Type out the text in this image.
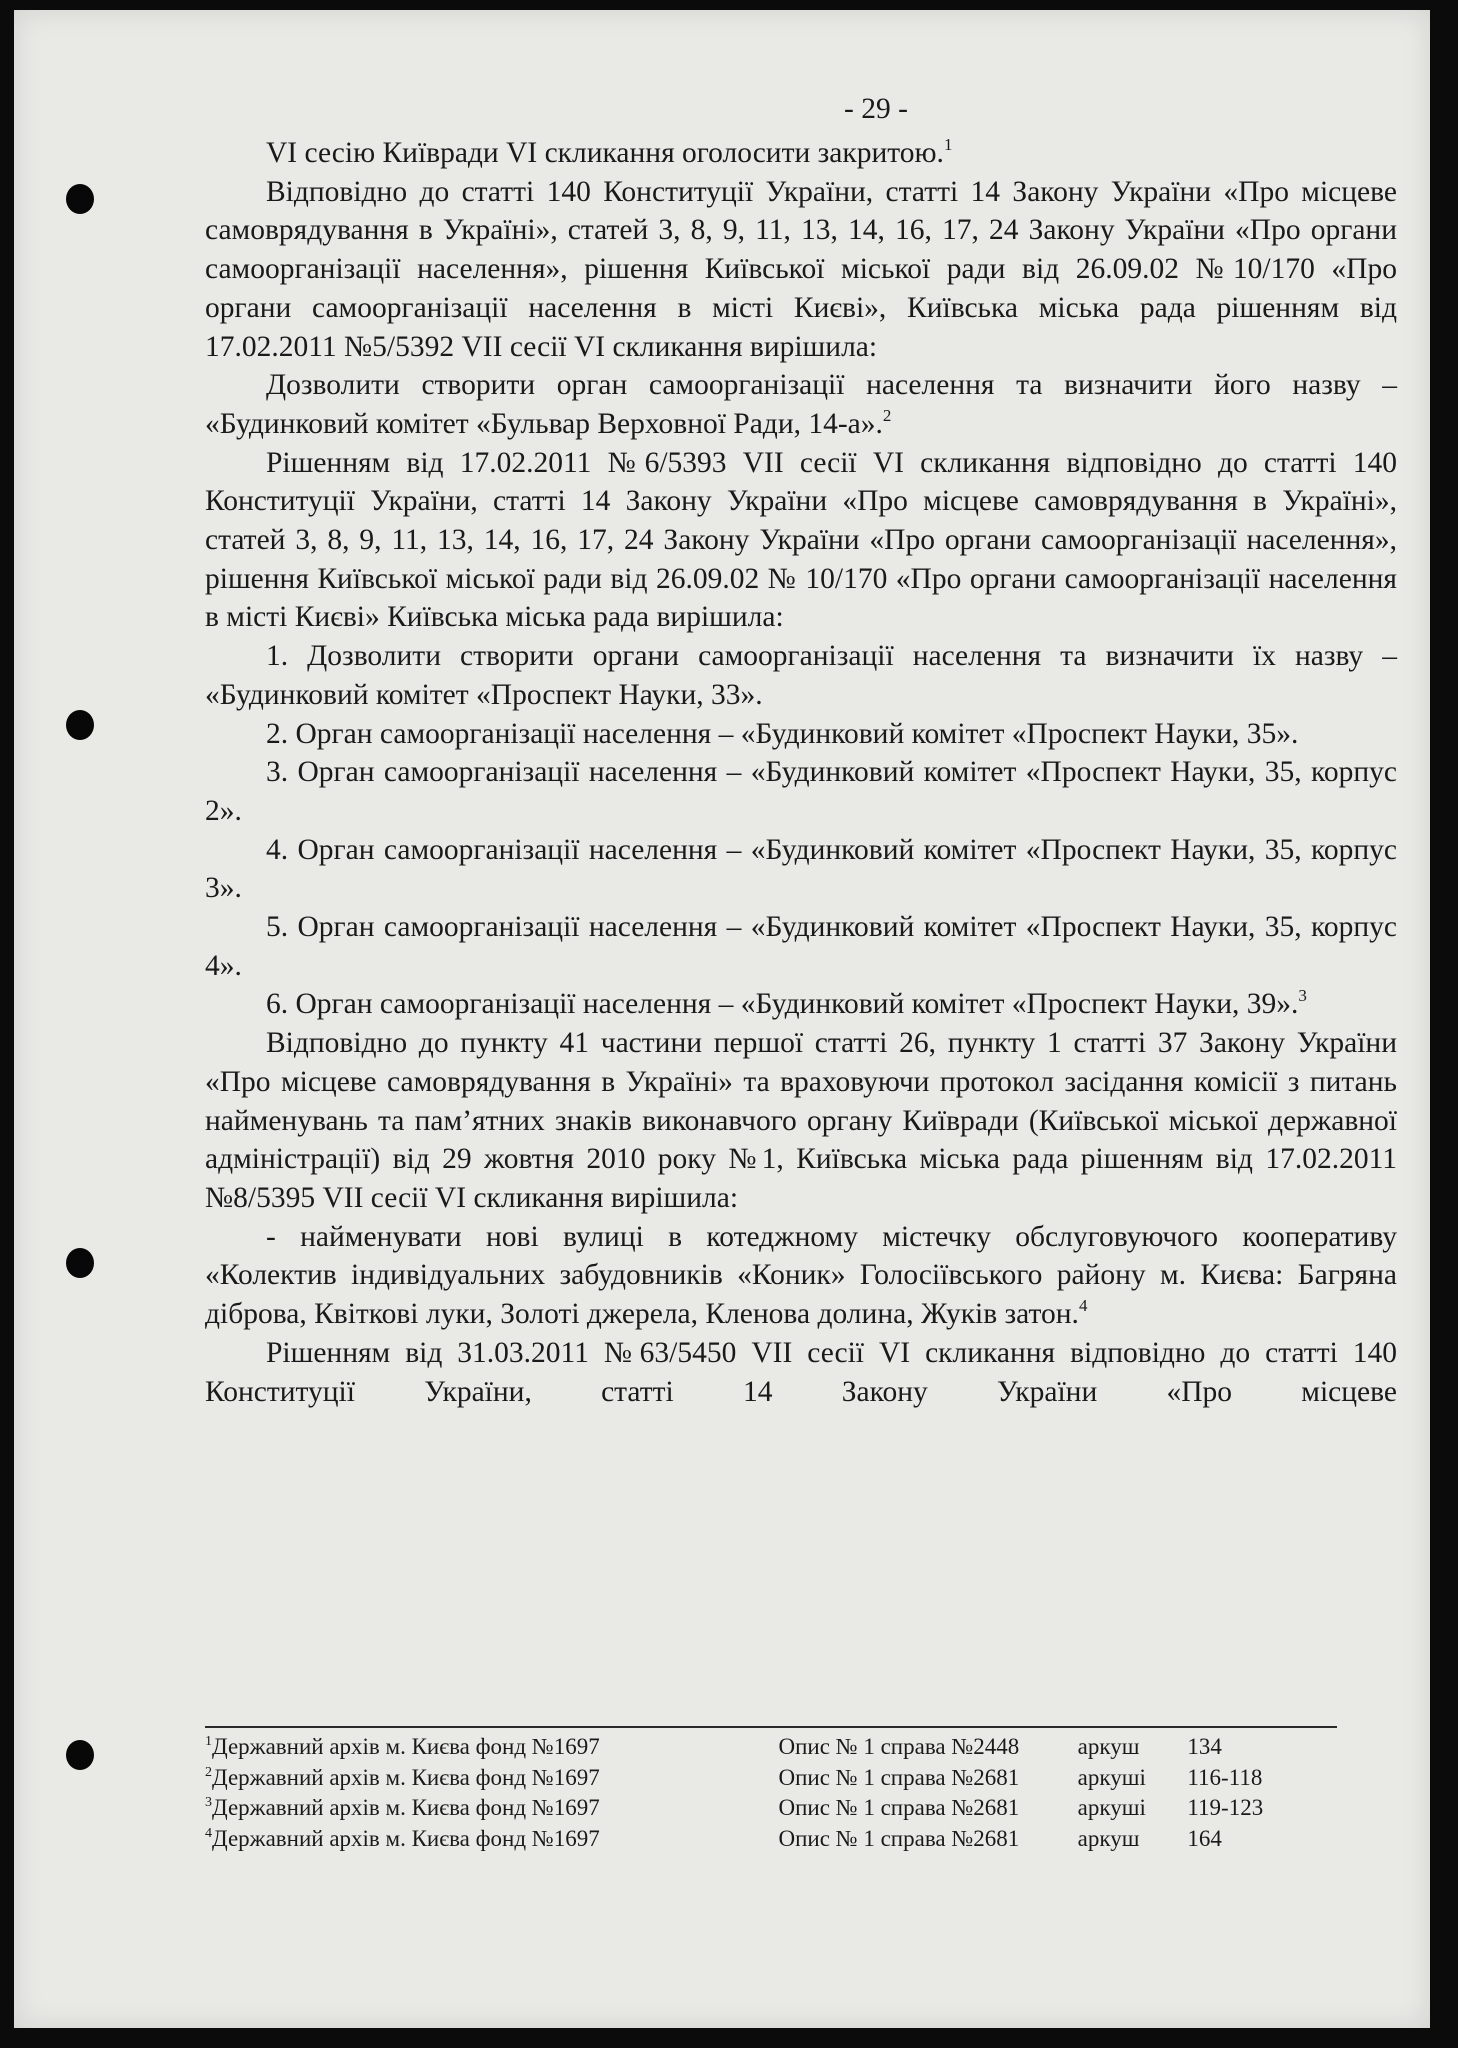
- 29 -

VI сесію Київради VI скликання оголосити закритою.$^1$

Відповідно до статті 140 Конституції України, статті 14 Закону України «Про місцеве самоврядування в Україні», статей 3, 8, 9, 11, 13, 14, 16, 17, 24 Закону України «Про органи самоорганізації населення», рішення Київської міської ради від 26.09.02 №10/170 «Про органи самоорганізації населення в місті Києві», Київська міська рада рішенням від 17.02.2011 №5/5392 VII сесії VI скликання вирішила:

Дозволити створити орган самоорганізації населення та визначити його назву – «Будинковий комітет «Бульвар Верховної Ради, 14-а».$^2$

Рішенням від 17.02.2011 №6/5393 VII сесії VI скликання відповідно до статті 140 Конституції України, статті 14 Закону України «Про місцеве самоврядування в Україні», статей 3, 8, 9, 11, 13, 14, 16, 17, 24 Закону України «Про органи самоорганізації населення», рішення Київської міської ради від 26.09.02 № 10/170 «Про органи самоорганізації населення в місті Києві» Київська міська рада вирішила:

1. Дозволити створити органи самоорганізації населення та визначити їх назву – «Будинковий комітет «Проспект Науки, 33».

2. Орган самоорганізації населення – «Будинковий комітет «Проспект Науки, 35».

3. Орган самоорганізації населення – «Будинковий комітет «Проспект Науки, 35, корпус 2».

4. Орган самоорганізації населення – «Будинковий комітет «Проспект Науки, 35, корпус 3».

5. Орган самоорганізації населення – «Будинковий комітет «Проспект Науки, 35, корпус 4».

6. Орган самоорганізації населення – «Будинковий комітет «Проспект Науки, 39».$^3$

Відповідно до пункту 41 частини першої статті 26, пункту 1 статті 37 Закону України «Про місцеве самоврядування в Україні» та враховуючи протокол засідання комісії з питань найменувань та пам’ятних знаків виконавчого органу Київради (Київської міської державної адміністрації) від 29 жовтня 2010 року №1, Київська міська рада рішенням від 17.02.2011 №8/5395 VII сесії VI скликання вирішила:

- найменувати нові вулиці в котеджному містечку обслуговуючого кооперативу «Колектив індивідуальних забудовників «Коник» Голосіївського району м. Києва: Багряна діброва, Квіткові луки, Золоті джерела, Кленова долина, Жуків затон.$^4$

Рішенням від 31.03.2011 №63/5450 VII сесії VI скликання відповідно до статті 140 Конституції України, статті 14 Закону України «Про місцеве

$^1$Державний архів м. Києва фонд №1697	Опис № 1 справа №2448	аркуш	134
$^2$Державний архів м. Києва фонд №1697	Опис № 1 справа №2681	аркуші	116-118
$^3$Державний архів м. Києва фонд №1697	Опис № 1 справа №2681	аркуші	119-123
$^4$Державний архів м. Києва фонд №1697	Опис № 1 справа №2681	аркуш	164
